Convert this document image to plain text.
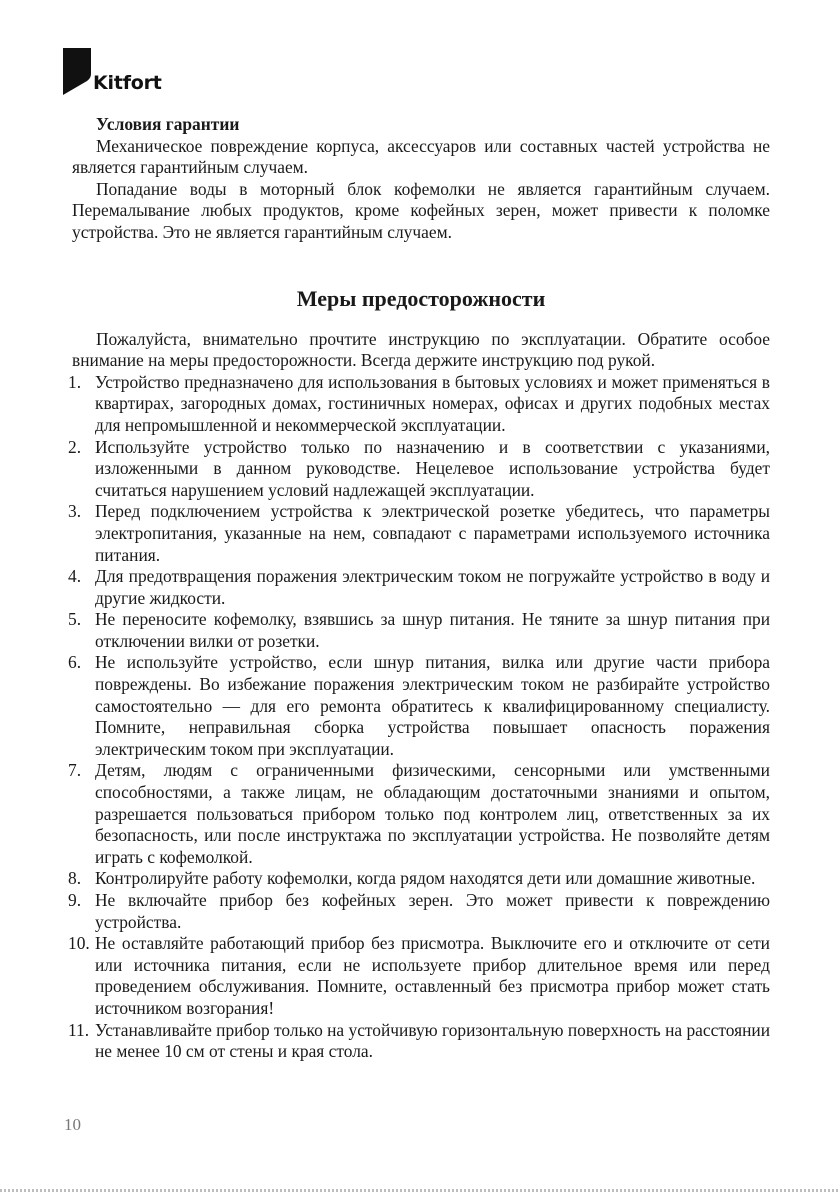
Kitfort

Условия гарантии

Механическое повреждение корпуса, аксессуаров или составных частей устройства не является гарантийным случаем.

Попадание воды в моторный блок кофемолки не является гарантийным случаем. Перемалывание любых продуктов, кроме кофейных зерен, может привести к поломке устройства. Это не является гарантийным случаем.

Меры предосторожности

Пожалуйста, внимательно прочтите инструкцию по эксплуатации. Обратите особое внимание на меры предосторожности. Всегда держите инструкцию под рукой.

1. Устройство предназначено для использования в бытовых условиях и может применяться в квартирах, загородных домах, гостиничных номерах, офисах и других подобных местах для непромышленной и некоммерческой эксплуатации.
2. Используйте устройство только по назначению и в соответствии с указаниями, изложенными в данном руководстве. Нецелевое использование устройства будет считаться нарушением условий надлежащей эксплуатации.
3. Перед подключением устройства к электрической розетке убедитесь, что параметры электропитания, указанные на нем, совпадают с параметрами используемого источника питания.
4. Для предотвращения поражения электрическим током не погружайте устройство в воду и другие жидкости.
5. Не переносите кофемолку, взявшись за шнур питания. Не тяните за шнур питания при отключении вилки от розетки.
6. Не используйте устройство, если шнур питания, вилка или другие части прибора повреждены. Во избежание поражения электрическим током не разбирайте устройство самостоятельно — для его ремонта обратитесь к квалифицированному специалисту. Помните, неправильная сборка устройства повышает опасность поражения электрическим током при эксплуатации.
7. Детям, людям с ограниченными физическими, сенсорными или умственными способностями, а также лицам, не обладающим достаточными знаниями и опытом, разрешается пользоваться прибором только под контролем лиц, ответственных за их безопасность, или после инструктажа по эксплуатации устройства. Не позволяйте детям играть с кофемолкой.
8. Контролируйте работу кофемолки, когда рядом находятся дети или домашние животные.
9. Не включайте прибор без кофейных зерен. Это может привести к повреждению устройства.
10. Не оставляйте работающий прибор без присмотра. Выключите его и отключите от сети или источника питания, если не используете прибор длительное время или перед проведением обслуживания. Помните, оставленный без присмотра прибор может стать источником возгорания!
11. Устанавливайте прибор только на устойчивую горизонтальную поверхность на расстоянии не менее 10 см от стены и края стола.
10
